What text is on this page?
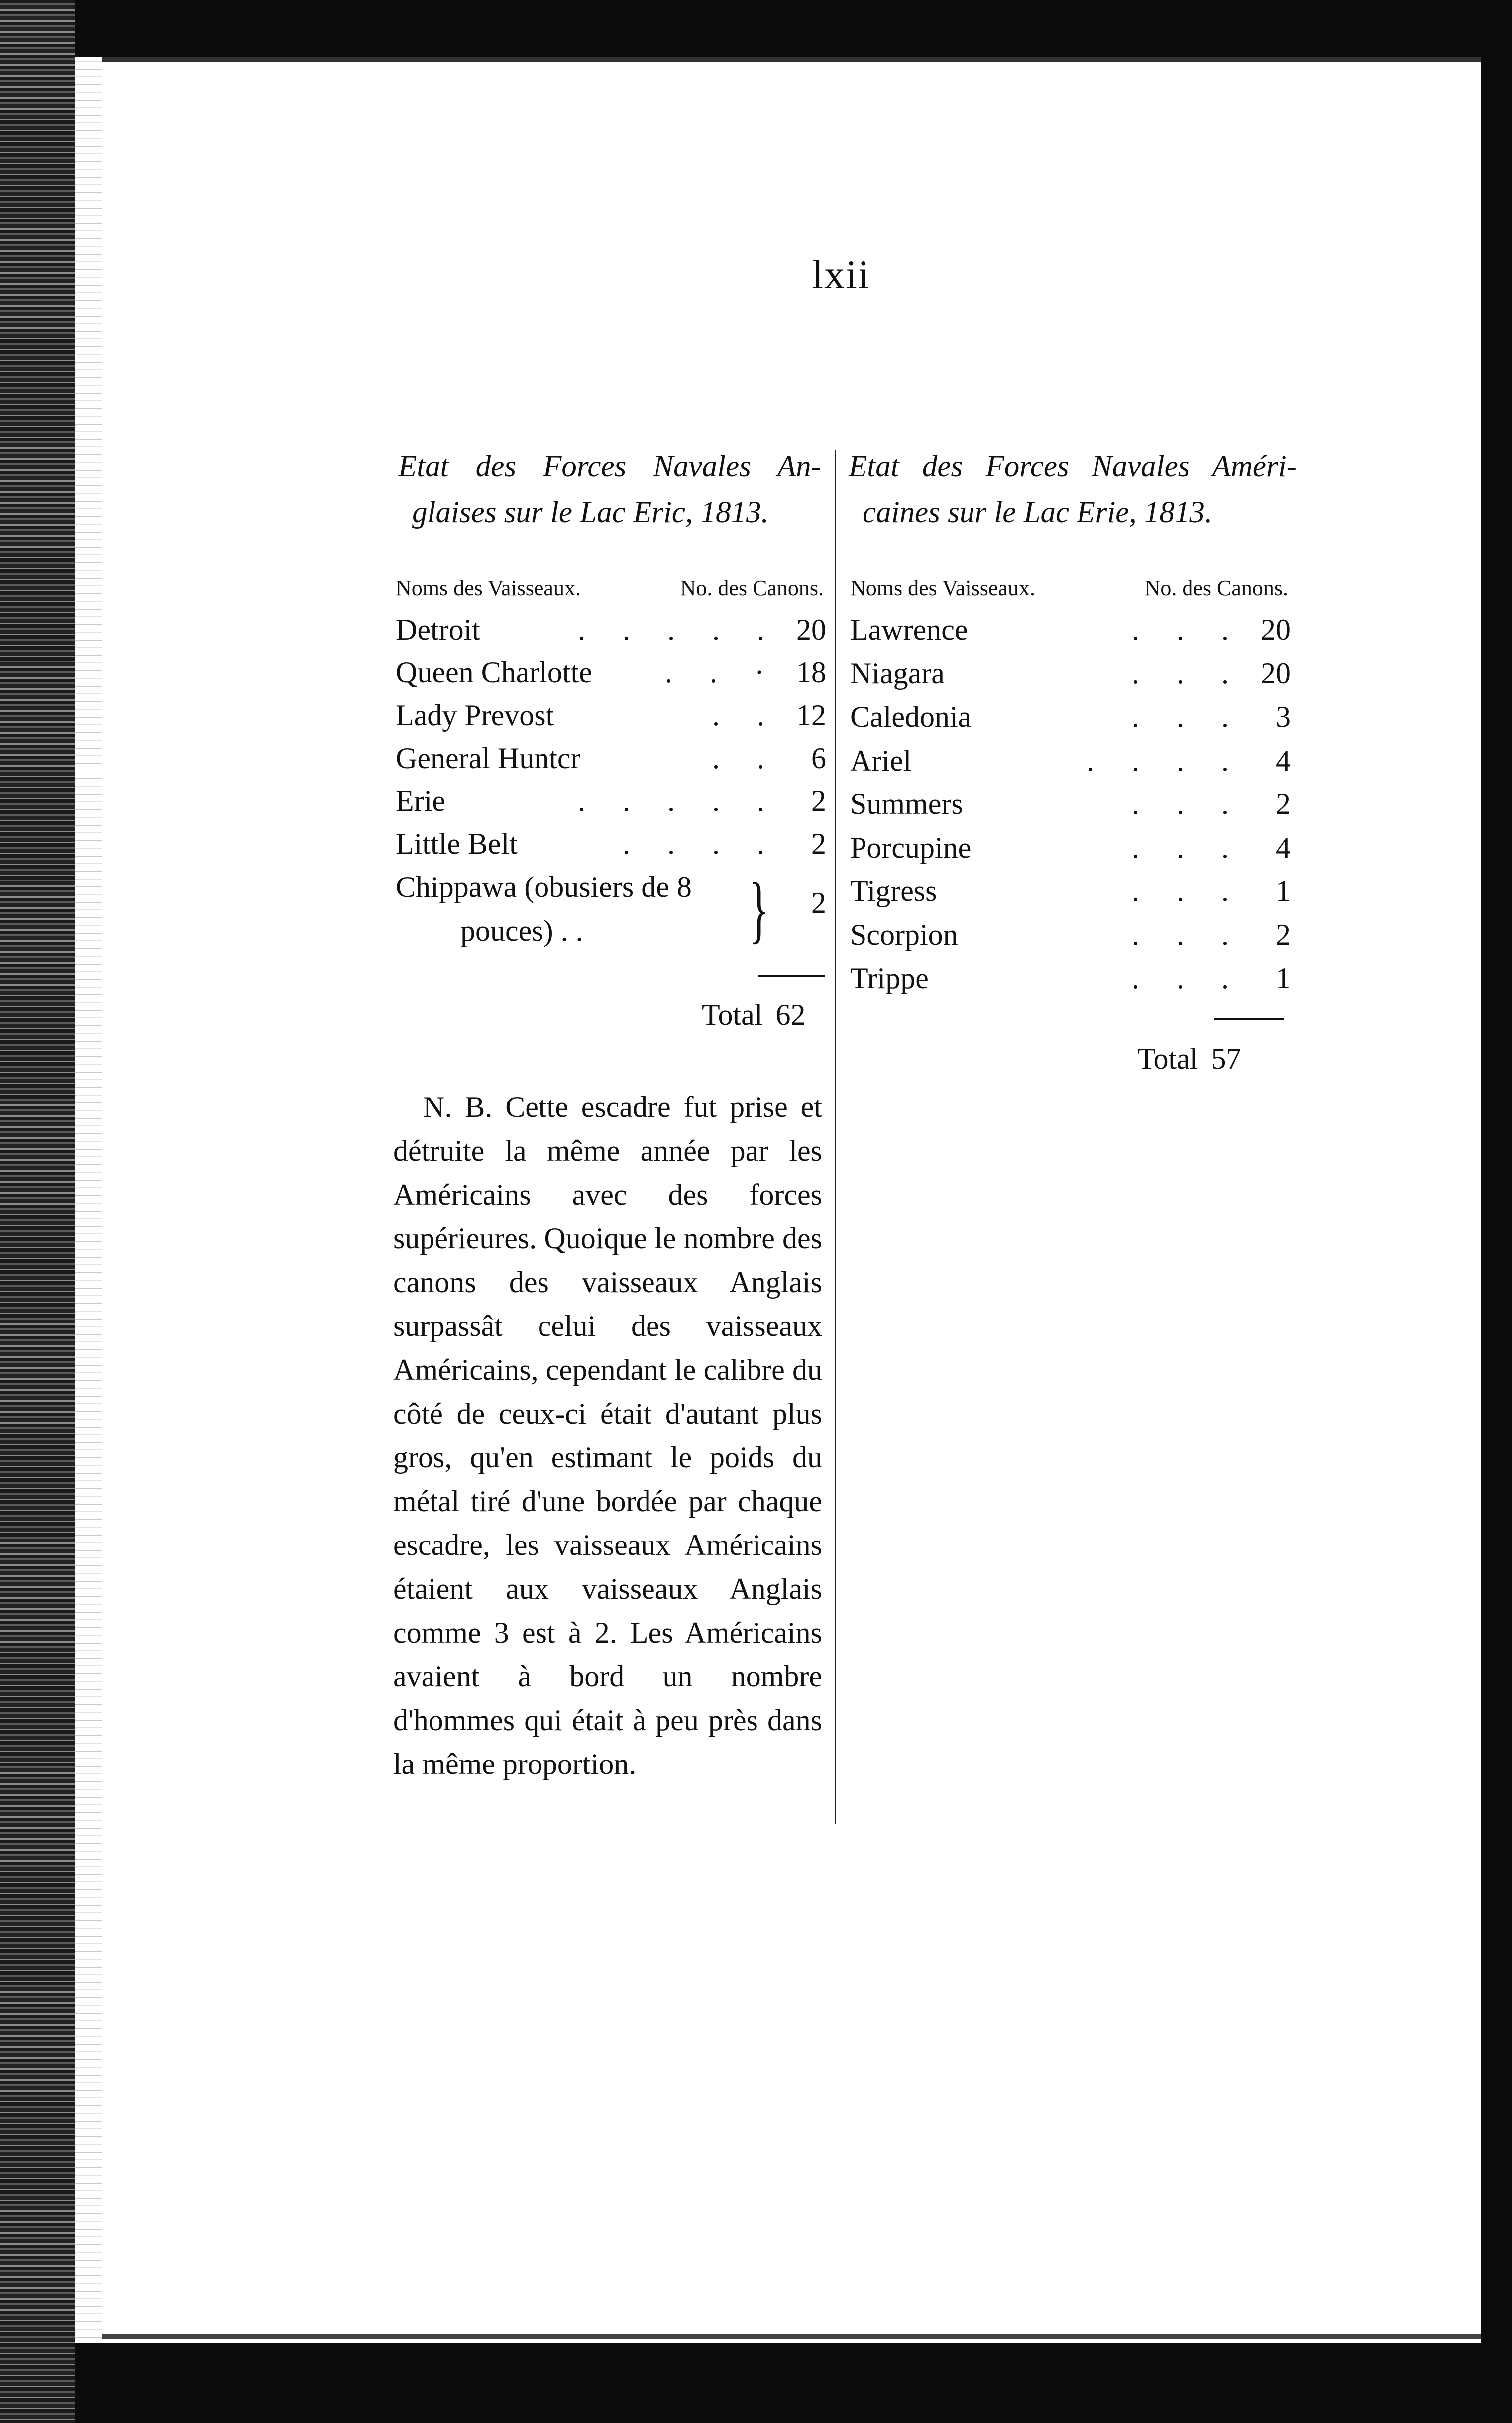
lxii
Etat des Forces Navales An-
glaises sur le Lac Eric, 1813.
Noms des Vaisseaux.	No. des Canons.
Detroit	. . . . . 20
Queen Charlotte	. . · 18
Lady Prevost	. . 12
General Huntcr	. .	6
Erie	. . . . .	2
Little Belt	. . . .	2
Chippawa (obusiers de 8
pouces) . .	}	2
Total 62
Etat des Forces Navales Améri-
caines sur le Lac Erie, 1813.
Noms des Vaisseaux.	No. des Canons.
Lawrence	. . . 20
Niagara	. . . 20
Caledonia	. . .	3
Ariel	. . . .	4
Summers	. . .	2
Porcupine	. . .	4
Tigress	. . .	1
Scorpion	. . .	2
Trippe	. . .	1
Total 57
N. B. Cette escadre fut prise et détruite la même année par les Américains avec des forces supérieures. Quoique le nombre des canons des vaisseaux Anglais surpassât celui des vaisseaux Américains, cependant le calibre du côté de ceux-ci était d'autant plus gros, qu'en estimant le poids du métal tiré d'une bordée par chaque escadre, les vaisseaux Américains étaient aux vaisseaux Anglais comme 3 est à 2. Les Américains avaient à bord un nombre d'hommes qui était à peu près dans la même proportion.
